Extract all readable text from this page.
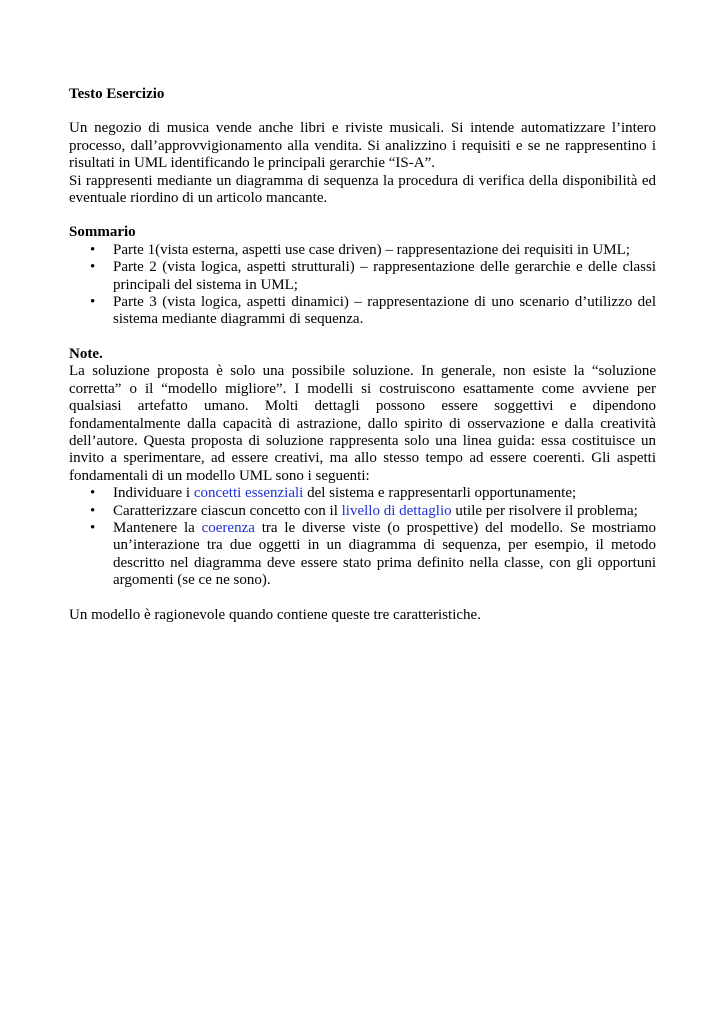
Testo Esercizio

Un negozio di musica vende anche libri e riviste musicali. Si intende automatizzare l’intero processo, dall’approvvigionamento alla vendita. Si analizzino i requisiti e se ne rappresentino i risultati in UML identificando le principali gerarchie “IS-A”.

Si rappresenti mediante un diagramma di sequenza la procedura di verifica della disponibilità ed eventuale riordino di un articolo mancante.

Sommario

• Parte 1(vista esterna, aspetti use case driven) – rappresentazione dei requisiti in UML;
• Parte 2 (vista logica, aspetti strutturali) – rappresentazione delle gerarchie e delle classi principali del sistema in UML;
• Parte 3 (vista logica, aspetti dinamici) – rappresentazione di uno scenario d’utilizzo del sistema mediante diagrammi di sequenza.

Note.

La soluzione proposta è solo una possibile soluzione. In generale, non esiste la “soluzione corretta” o il “modello migliore”. I modelli si costruiscono esattamente come avviene per qualsiasi artefatto umano. Molti dettagli possono essere soggettivi e dipendono fondamentalmente dalla capacità di astrazione, dallo spirito di osservazione e dalla creatività dell’autore. Questa proposta di soluzione rappresenta solo una linea guida: essa costituisce un invito a sperimentare, ad essere creativi, ma allo stesso tempo ad essere coerenti. Gli aspetti fondamentali di un modello UML sono i seguenti:

• Individuare i concetti essenziali del sistema e rappresentarli opportunamente;
• Caratterizzare ciascun concetto con il livello di dettaglio utile per risolvere il problema;
• Mantenere la coerenza tra le diverse viste (o prospettive) del modello. Se mostriamo un’interazione tra due oggetti in un diagramma di sequenza, per esempio, il metodo descritto nel diagramma deve essere stato prima definito nella classe, con gli opportuni argomenti (se ce ne sono).

Un modello è ragionevole quando contiene queste tre caratteristiche.
